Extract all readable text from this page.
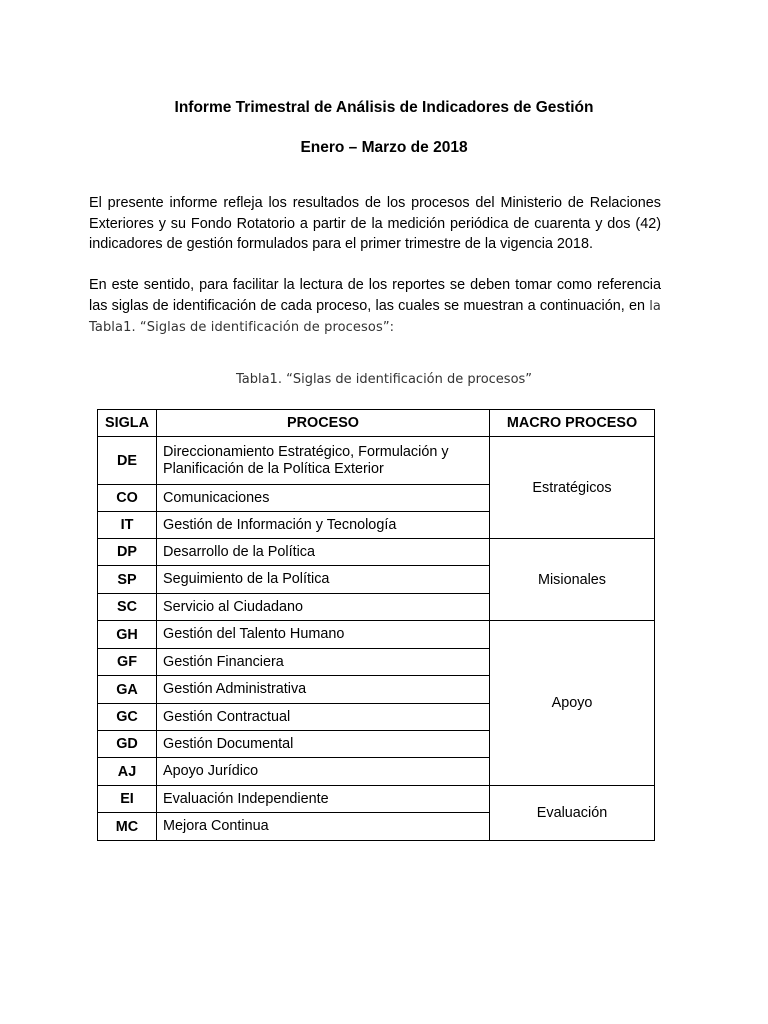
Informe Trimestral de Análisis de Indicadores de Gestión
Enero – Marzo de 2018

El presente informe refleja los resultados de los procesos del Ministerio de Relaciones Exteriores y su Fondo Rotatorio a partir de la medición periódica de cuarenta y dos (42) indicadores de gestión formulados para el primer trimestre de la vigencia 2018.

En este sentido, para facilitar la lectura de los reportes se deben tomar como referencia las siglas de identificación de cada proceso, las cuales se muestran a continuación, en la Tabla1. “Siglas de identificación de procesos”:

Tabla1. “Siglas de identificación de procesos”

SIGLA	PROCESO	MACRO PROCESO
DE	Direccionamiento Estratégico, Formulación y Planificación de la Política Exterior	Estratégicos
CO	Comunicaciones	
IT	Gestión de Información y Tecnología	
DP	Desarrollo de la Política	Misionales
SP	Seguimiento de la Política	
SC	Servicio al Ciudadano	
GH	Gestión del Talento Humano	Apoyo
GF	Gestión Financiera	
GA	Gestión Administrativa	
GC	Gestión Contractual	
GD	Gestión Documental	
AJ	Apoyo Jurídico	
EI	Evaluación Independiente	Evaluación
MC	Mejora Continua	
